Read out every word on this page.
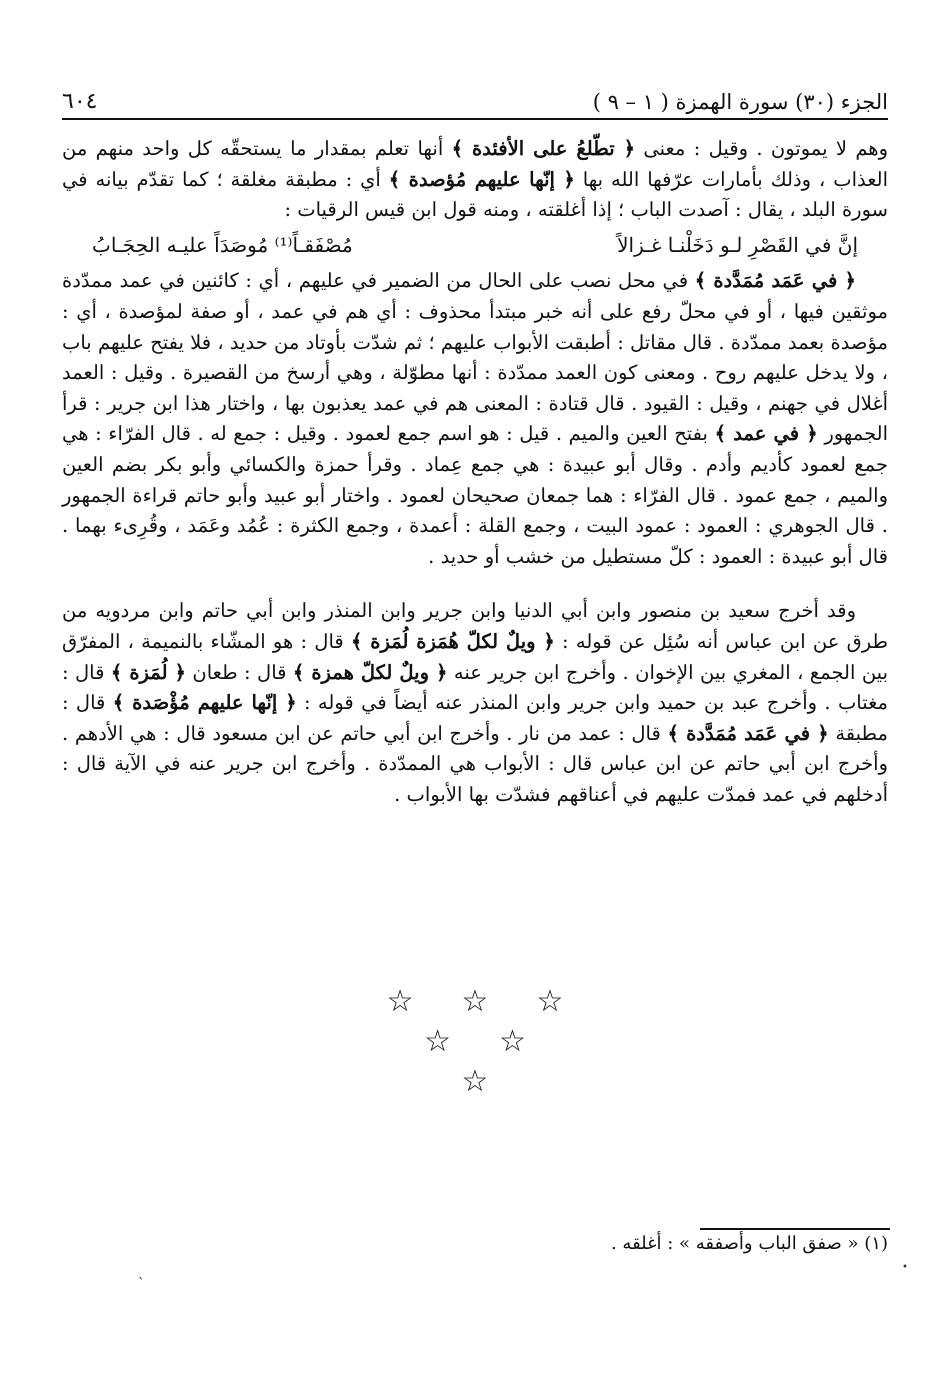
الجزء (٣٠) سورة الهمزة ( ١ – ٩ )
٦٠٤

وهم لا يموتون . وقيل : معنى ﴿ تطّلعُ على الأفئدة ﴾ أنها تعلم بمقدار ما يستحقّه كل واحد منهم من العذاب ، وذلك بأمارات عرّفها الله بها ﴿ إنّها عليهم مُؤصدة ﴾ أي : مطبقة مغلقة ؛ كما تقدّم بيانه في سورة البلد ، يقال : آصدت الباب ؛ إذا أغلقته ، ومنه قول ابن قيس الرقيات :

إنَّ في القَصْرِ لـو دَخَلْنـا غـزالاً
مُصْفَقـاً⁽¹⁾ مُوصَدَاً عليـه الحِجَـابُ

﴿ في عَمَد مُمَدَّدة ﴾ في محل نصب على الحال من الضمير في عليهم ، أي : كائنين في عمد ممدّدة موثقين فيها ، أو في محلّ رفع على أنه خبر مبتدأ محذوف : أي هم في عمد ، أو صفة لمؤصدة ، أي : مؤصدة بعمد ممدّدة . قال مقاتل : أطبقت الأبواب عليهم ؛ ثم شدّت بأوتاد من حديد ، فلا يفتح عليهم باب ، ولا يدخل عليهم روح . ومعنى كون العمد ممدّدة : أنها مطوّلة ، وهي أرسخ من القصيرة . وقيل : العمد أغلال في جهنم ، وقيل : القيود . قال قتادة : المعنى هم في عمد يعذبون بها ، واختار هذا ابن جرير : قرأ الجمهور ﴿ في عمد ﴾ بفتح العين والميم . قيل : هو اسم جمع لعمود . وقيل : جمع له . قال الفرّاء : هي جمع لعمود كأديم وأدم . وقال أبو عبيدة : هي جمع عِماد . وقرأ حمزة والكسائي وأبو بكر بضم العين والميم ، جمع عمود . قال الفرّاء : هما جمعان صحيحان لعمود . واختار أبو عبيد وأبو حاتم قراءة الجمهور . قال الجوهري : العمود : عمود البيت ، وجمع القلة : أعمدة ، وجمع الكثرة : عُمُد وعَمَد ، وقُرِىء بهما . قال أبو عبيدة : العمود : كلّ مستطيل من خشب أو حديد .

وقد أخرج سعيد بن منصور وابن أبي الدنيا وابن جرير وابن المنذر وابن أبي حاتم وابن مردويه من طرق عن ابن عباس أنه سُئِل عن قوله : ﴿ ويلٌ لكلّ هُمَزة لُمَزة ﴾ قال : هو المشّاء بالنميمة ، المفرّق بين الجمع ، المغري بين الإخوان . وأخرج ابن جرير عنه ﴿ ويلٌ لكلّ همزة ﴾ قال : طعان ﴿ لُمَزة ﴾ قال : مغتاب . وأخرج عبد بن حميد وابن جرير وابن المنذر عنه أيضاً في قوله : ﴿ إنّها عليهم مُؤْصَدة ﴾ قال : مطبقة ﴿ في عَمَد مُمَدَّدة ﴾ قال : عمد من نار . وأخرج ابن أبي حاتم عن ابن مسعود قال : هي الأدهم . وأخرج ابن أبي حاتم عن ابن عباس قال : الأبواب هي الممدّدة . وأخرج ابن جرير عنه في الآية قال : أدخلهم في عمد فمدّت عليهم في أعناقهم فشدّت بها الأبواب .

☆
☆
☆
☆
☆
☆
(١) « صفق الباب وأصفقه » : أغلقه .
ˋ
•
